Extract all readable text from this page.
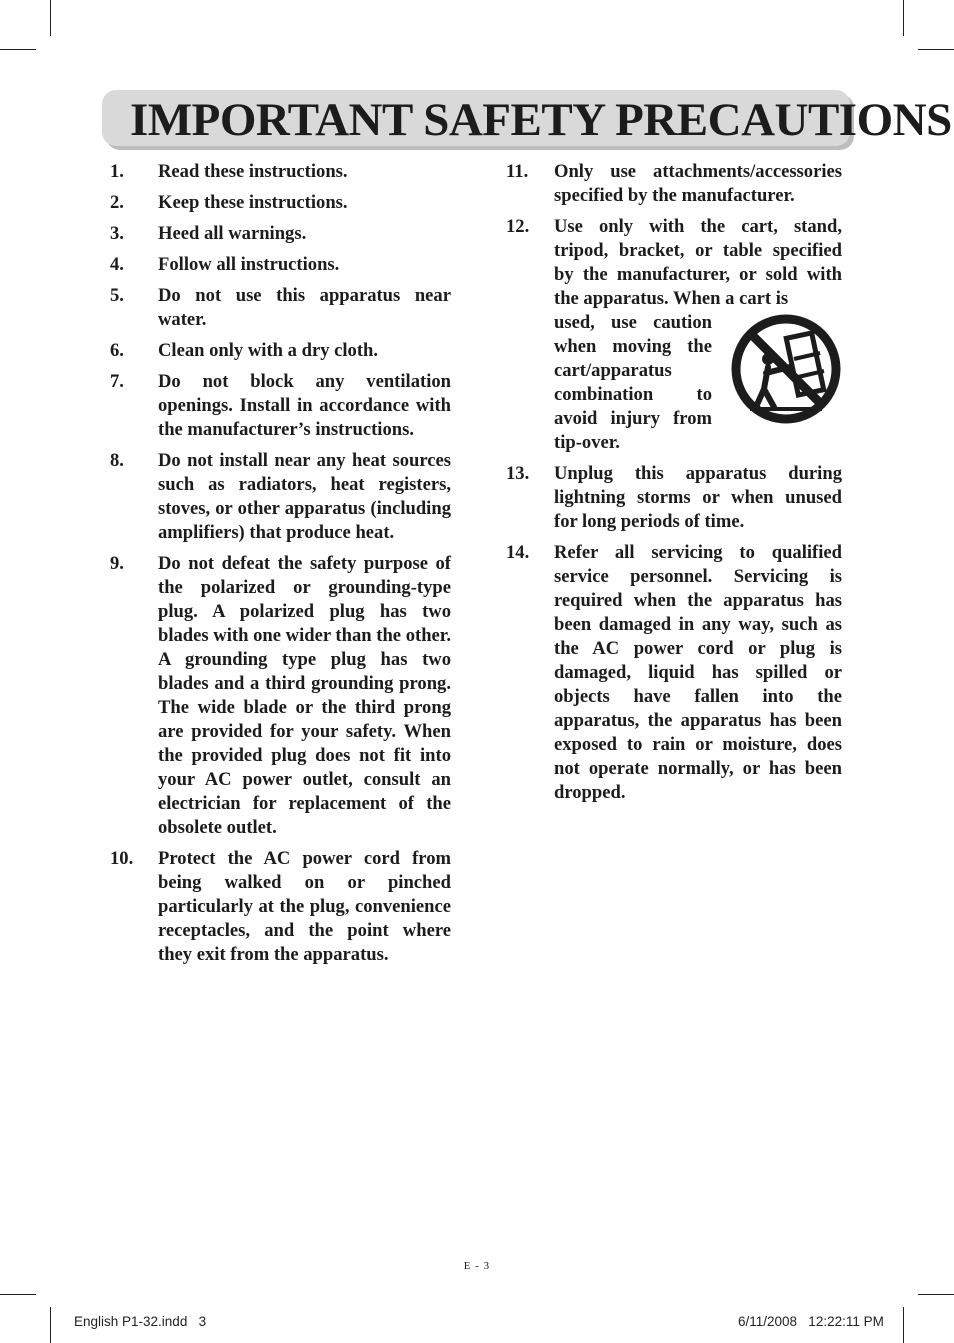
IMPORTANT SAFETY PRECAUTIONS
1.	Read these instructions.
2.	Keep these instructions.
3.	Heed all warnings.
4.	Follow all instructions.
5.	Do not use this apparatus near water.
6.	Clean only with a dry cloth.
7.	Do not block any ventilation openings. Install in accordance with the manufacturer’s instructions.
8.	Do not install near any heat sources such as radiators, heat registers, stoves, or other apparatus (including amplifiers) that produce heat.
9.	Do not defeat the safety purpose of the polarized or grounding-type plug. A polarized plug has two blades with one wider than the other. A grounding type plug has two blades and a third grounding prong. The wide blade or the third prong are provided for your safety. When the provided plug does not fit into your AC power outlet, consult an electrician for replacement of the obsolete outlet.
10.	Protect the AC power cord from being walked on or pinched particularly at the plug, convenience receptacles, and the point where they exit from the apparatus.
11.	Only use attachments/accessories specified by the manufacturer.
12.	Use only with the cart, stand, tripod, bracket, or table specified by the manufacturer, or sold with the apparatus. When a cart is
used, use caution when moving the cart/apparatus combination to avoid injury from tip-over.
13.	Unplug this apparatus during lightning storms or when unused for long periods of time.
14.	Refer all servicing to qualified service personnel. Servicing is required when the apparatus has been damaged in any way, such as the AC power cord or plug is damaged, liquid has spilled or objects have fallen into the apparatus, the apparatus has been exposed to rain or moisture, does not operate normally, or has been dropped.
E - 3
English P1-32.indd   3	6/11/2008   12:22:11 PM
